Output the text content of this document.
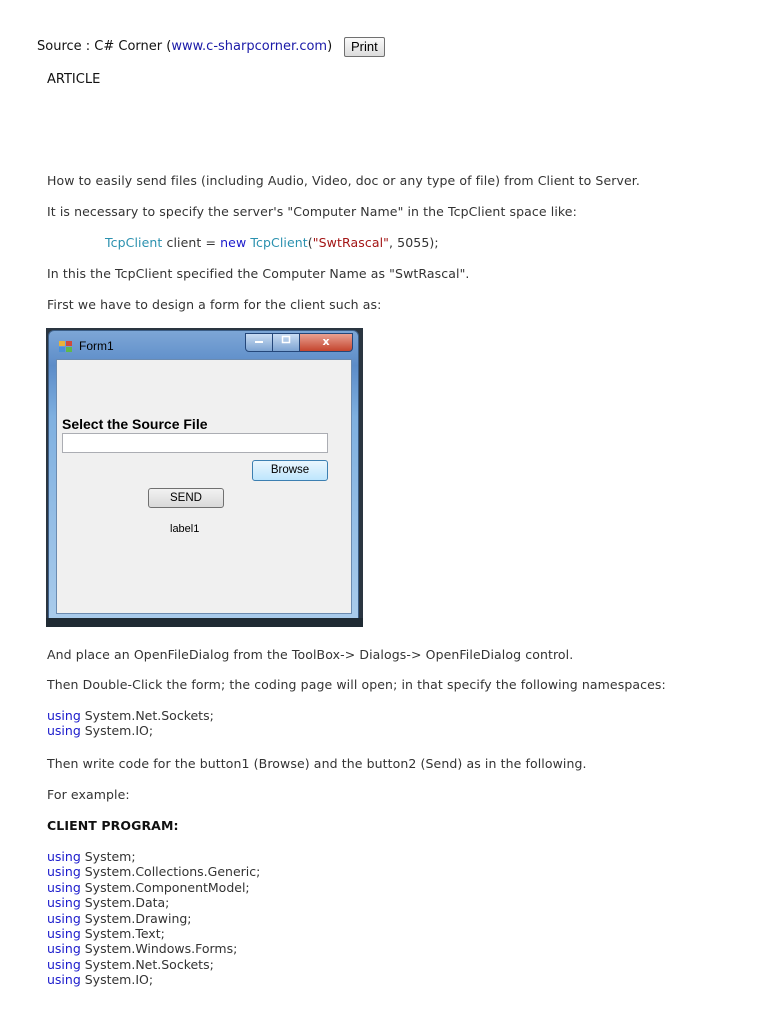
Source : C# Corner (www.c-sharpcorner.com)	Print
ARTICLE
How to easily send files (including Audio, Video, doc or any type of file) from Client to Server.
It is necessary to specify the server's "Computer Name" in the TcpClient space like:
TcpClient client = new TcpClient("SwtRascal", 5055);
In this the TcpClient specified the Computer Name as "SwtRascal".
First we have to design a form for the client such as:
Form1	x
Select the Source File
Browse
SEND
label1
And place an OpenFileDialog from the ToolBox-> Dialogs-> OpenFileDialog control.
Then Double-Click the form; the coding page will open; in that specify the following namespaces:
using System.Net.Sockets;
using System.IO;
Then write code for the button1 (Browse) and the button2 (Send) as in the following.
For example:
CLIENT PROGRAM:
using System;
using System.Collections.Generic;
using System.ComponentModel;
using System.Data;
using System.Drawing;
using System.Text;
using System.Windows.Forms;
using System.Net.Sockets;
using System.IO;
